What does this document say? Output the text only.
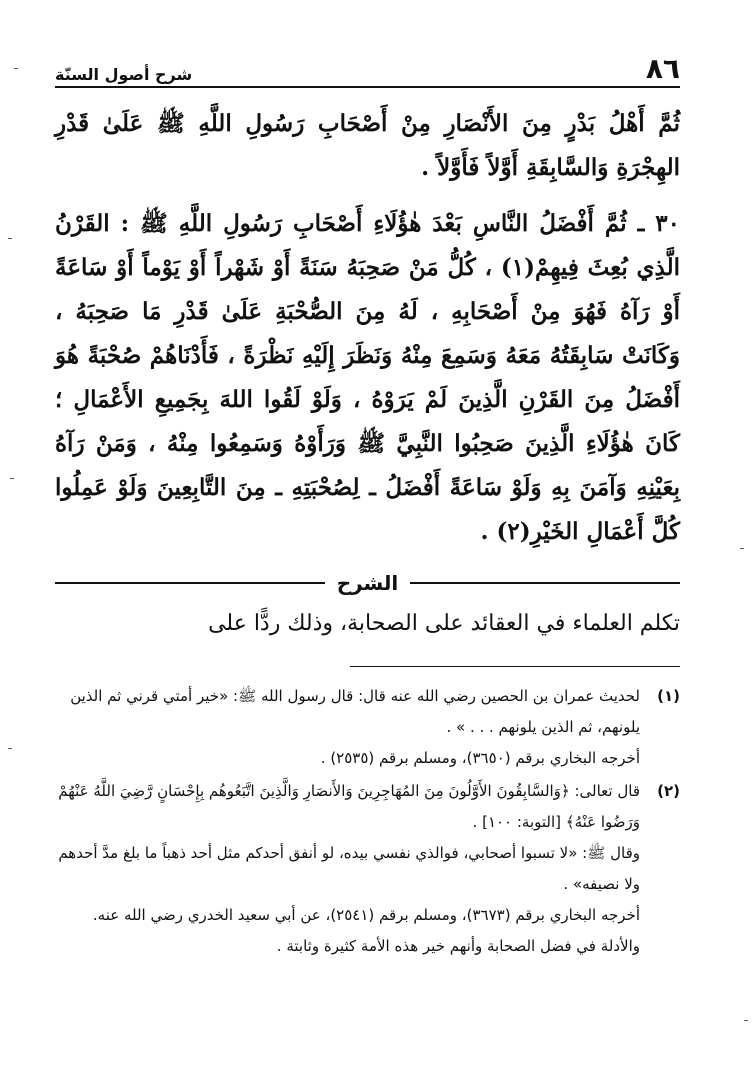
٨٦
شرح أصول السنّة

ثُمَّ أَهْلُ بَدْرٍ مِنَ الأَنْصَارِ مِنْ أَصْحَابِ رَسُولِ اللَّهِ ﷺ عَلَىٰ قَدْرِ الهِجْرَةِ وَالسَّابِقَةِ أَوَّلاً فَأَوَّلاً .

٣٠ ـ ثُمَّ أَفْضَلُ النَّاسِ بَعْدَ هٰؤُلَاءِ أَصْحَابِ رَسُولِ اللَّهِ ﷺ : القَرْنُ الَّذِي بُعِثَ فِيهِمْ(١) ، كُلُّ مَنْ صَحِبَهُ سَنَةً أَوْ شَهْراً أَوْ يَوْماً أَوْ سَاعَةً أَوْ رَآهُ فَهُوَ مِنْ أَصْحَابِهِ ، لَهُ مِنَ الصُّحْبَةِ عَلَىٰ قَدْرِ مَا صَحِبَهُ ، وَكَانَتْ سَابِقَتُهُ مَعَهُ وَسَمِعَ مِنْهُ وَنَظَرَ إِلَيْهِ نَظْرَةً ، فَأَدْنَاهُمْ صُحْبَةً هُوَ أَفْضَلُ مِنَ القَرْنِ الَّذِينَ لَمْ يَرَوْهُ ، وَلَوْ لَقُوا اللهَ بِجَمِيعِ الأَعْمَالِ ؛ كَانَ هٰؤُلَاءِ الَّذِينَ صَحِبُوا النَّبِيَّ ﷺ وَرَأَوْهُ وَسَمِعُوا مِنْهُ ، وَمَنْ رَآهُ بِعَيْنِهِ وَآمَنَ بِهِ وَلَوْ سَاعَةً أَفْضَلُ ـ لِصُحْبَتِهِ ـ مِنَ التَّابِعِينَ وَلَوْ عَمِلُوا كُلَّ أَعْمَالِ الخَيْرِ(٢) .

الشرح
تكلم العلماء في العقائد على الصحابة، وذلك ردًّا على
(١)

لحديث عمران بن الحصين رضي الله عنه قال: قال رسول الله ﷺ: «خير أمتي قرني ثم الذين يلونهم، ثم الذين يلونهم . . . » .

أخرجه البخاري برقم (٣٦٥٠)، ومسلم برقم (٢٥٣٥) .

(٢)

قال تعالى: ﴿وَالسَّابِقُونَ الأَوَّلُونَ مِنَ المُهَاجِرِينَ وَالأَنصَارِ وَالَّذِينَ اتَّبَعُوهُم بِإِحْسَانٍ رَّضِيَ اللَّهُ عَنْهُمْ وَرَضُوا عَنْهُ﴾ [التوبة: ١٠٠] .

وقال ﷺ: «لا تسبوا أصحابي، فوالذي نفسي بيده، لو أنفق أحدكم مثل أحد ذهباً ما بلغ مدَّ أحدهم ولا نصيفه» .

أخرجه البخاري برقم (٣٦٧٣)، ومسلم برقم (٢٥٤١)، عن أبي سعيد الخدري رضي الله عنه. والأدلة في فضل الصحابة وأنهم خير هذه الأمة كثيرة وثابتة .
